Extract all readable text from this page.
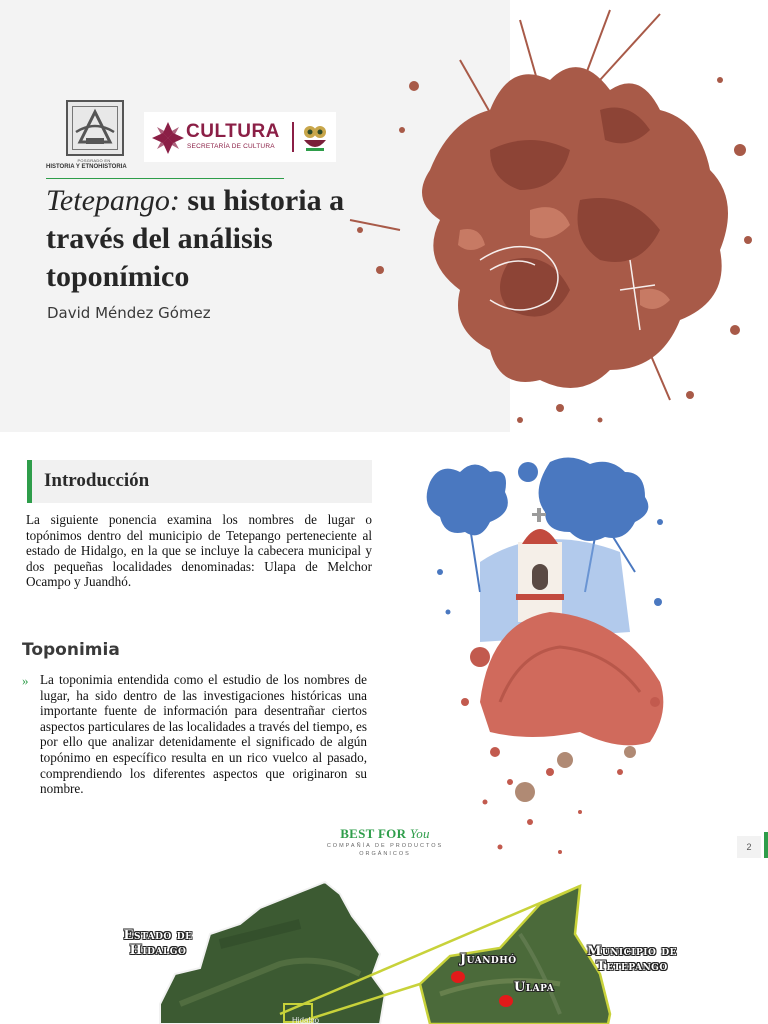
POSGRADO EN
HISTORIA Y ETNOHISTORIA
CULTURA
SECRETARÍA DE CULTURA
Tetepango: su historia a través del análisis toponímico
David Méndez Gómez
Introducción

La siguiente ponencia examina los nombres de lugar o topónimos dentro del municipio de Tetepango perteneciente al estado de Hidalgo, en la que se incluye la cabecera municipal y dos pequeñas localidades denominadas: Ulapa de Melchor Ocampo y Juandhó.

Toponimia
» La toponimia entendida como el estudio de los nombres de lugar, ha sido dentro de las investigaciones históricas una importante fuente de información para desentrañar ciertos aspectos particulares de las localidades a través del tiempo, es por ello que analizar detenidamente el significado de algún topónimo en específico resulta en un rico vuelco al pasado, comprendiendo los diferentes aspectos que originaron su nombre.

BEST FOR You
COMPAÑÍA DE PRODUCTOS ORGÁNICOS
2
Estado de Hidalgo	Municipio de Tetepango
Juandhó
Ulapa
Hidalgo
